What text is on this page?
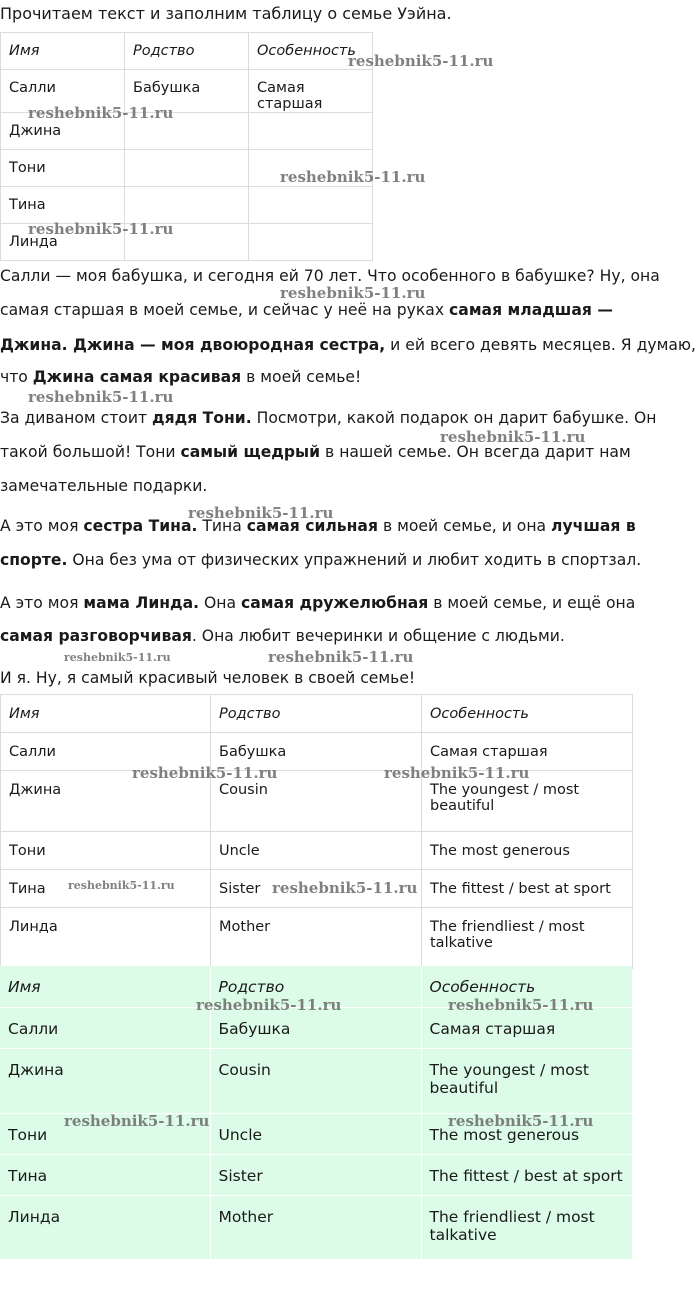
Прочитаем текст и заполним таблицу о семье Уэйна.
Имя	Родство	Особенность
Салли	Бабушка	Самая старшая
Джина		
Тони		
Тина		
Линда		
Салли — моя бабушка, и сегодня ей 70 лет. Что особенного в бабушке? Ну, она
самая старшая в моей семье, и сейчас у неё на руках самая младшая —
Джина. Джина — моя двоюродная сестра, и ей всего девять месяцев. Я думаю,
что Джина самая красивая в моей семье!
За диваном стоит дядя Тони. Посмотри, какой подарок он дарит бабушке. Он
такой большой! Тони самый щедрый в нашей семье. Он всегда дарит нам
замечательные подарки.
А это моя сестра Тина. Тина самая сильная в моей семье, и она лучшая в
спорте. Она без ума от физических упражнений и любит ходить в спортзал.
А это моя мама Линда. Она самая дружелюбная в моей семье, и ещё она
самая разговорчивая. Она любит вечеринки и общение с людьми.
И я. Ну, я самый красивый человек в своей семье!
Имя	Родство	Особенность
Салли	Бабушка	Самая старшая
Джина	Cousin	The youngest / most beautiful
Тони	Uncle	The most generous
Тина	Sister	The fittest / best at sport
Линда	Mother	The friendliest / most talkative
Имя	Родство	Особенность
Салли	Бабушка	Самая старшая
Джина	Cousin	The youngest / most beautiful
Тони	Uncle	The most generous
Тина	Sister	The fittest / best at sport
Линда	Mother	The friendliest / most talkative
reshebnik5-11.ru
reshebnik5-11.ru
reshebnik5-11.ru
reshebnik5-11.ru
reshebnik5-11.ru
reshebnik5-11.ru
reshebnik5-11.ru
reshebnik5-11.ru
reshebnik5-11.ru	reshebnik5-11.ru
reshebnik5-11.ru	reshebnik5-11.ru
reshebnik5-11.ru	reshebnik5-11.ru
reshebnik5-11.ru	reshebnik5-11.ru
reshebnik5-11.ru	reshebnik5-11.ru
